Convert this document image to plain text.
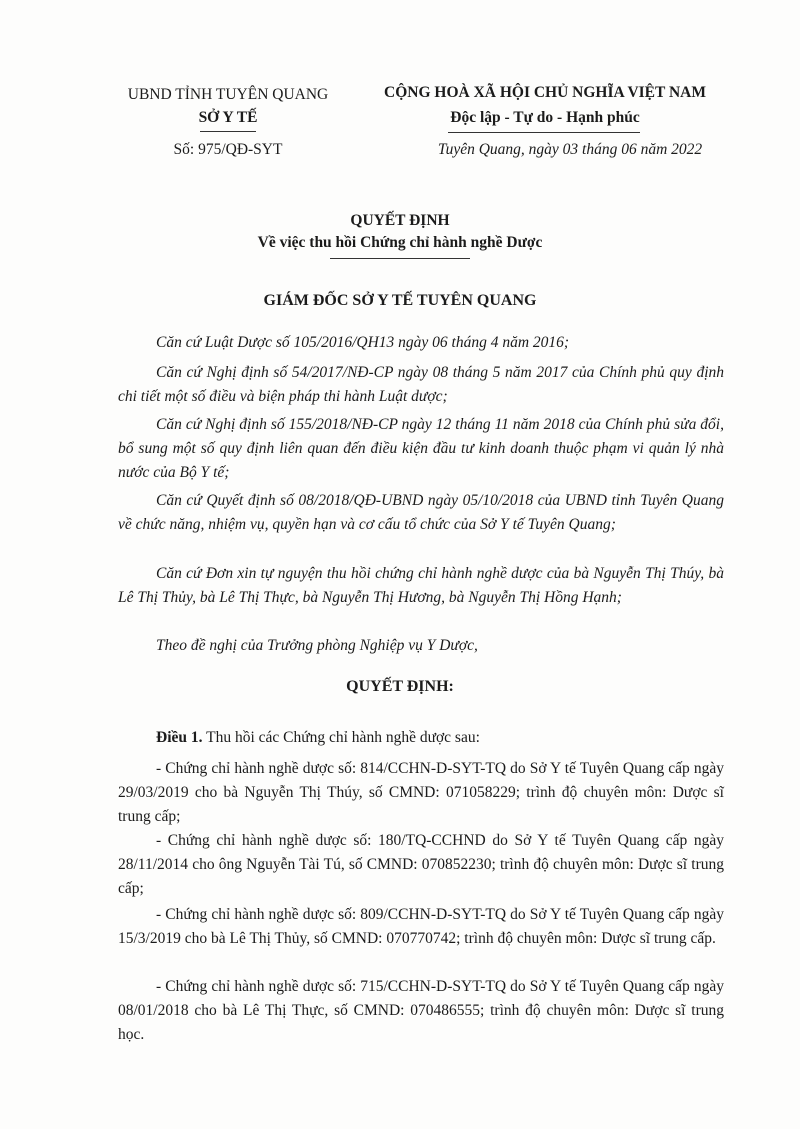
UBND TỈNH TUYÊN QUANG
SỞ Y TẾ
Số: 975/QĐ-SYT
CỘNG HOÀ XÃ HỘI CHỦ NGHĨA VIỆT NAM
Độc lập - Tự do - Hạnh phúc
Tuyên Quang, ngày 03 tháng 06 năm 2022
QUYẾT ĐỊNH
Về việc thu hồi Chứng chỉ hành nghề Dược
GIÁM ĐỐC SỞ Y TẾ TUYÊN QUANG
Căn cứ Luật Dược số 105/2016/QH13 ngày 06 tháng 4 năm 2016;
Căn cứ Nghị định số 54/2017/NĐ-CP ngày 08 tháng 5 năm 2017 của Chính phủ quy định chi tiết một số điều và biện pháp thi hành Luật dược;
Căn cứ Nghị định số 155/2018/NĐ-CP ngày 12 tháng 11 năm 2018 của Chính phủ sửa đổi, bổ sung một số quy định liên quan đến điều kiện đầu tư kinh doanh thuộc phạm vi quản lý nhà nước của Bộ Y tế;
Căn cứ Quyết định số 08/2018/QĐ-UBND ngày 05/10/2018 của UBND tỉnh Tuyên Quang về chức năng, nhiệm vụ, quyền hạn và cơ cấu tổ chức của Sở Y tế Tuyên Quang;
Căn cứ Đơn xin tự nguyện thu hồi chứng chỉ hành nghề dược của bà Nguyễn Thị Thúy, bà Lê Thị Thủy, bà Lê Thị Thực, bà Nguyễn Thị Hương, bà Nguyễn Thị Hồng Hạnh;
Theo đề nghị của Trưởng phòng Nghiệp vụ Y Dược,
QUYẾT ĐỊNH:
Điều 1. Thu hồi các Chứng chỉ hành nghề dược sau:
- Chứng chỉ hành nghề dược số: 814/CCHN-D-SYT-TQ do Sở Y tế Tuyên Quang cấp ngày 29/03/2019 cho bà Nguyễn Thị Thúy, số CMND: 071058229; trình độ chuyên môn: Dược sĩ trung cấp;
- Chứng chỉ hành nghề dược số: 180/TQ-CCHND do Sở Y tế Tuyên Quang cấp ngày 28/11/2014 cho ông Nguyễn Tài Tú, số CMND: 070852230; trình độ chuyên môn: Dược sĩ trung cấp;
- Chứng chỉ hành nghề dược số: 809/CCHN-D-SYT-TQ do Sở Y tế Tuyên Quang cấp ngày 15/3/2019 cho bà Lê Thị Thủy, số CMND: 070770742; trình độ chuyên môn: Dược sĩ trung cấp.
- Chứng chỉ hành nghề dược số: 715/CCHN-D-SYT-TQ do Sở Y tế Tuyên Quang cấp ngày 08/01/2018 cho bà Lê Thị Thực, số CMND: 070486555; trình độ chuyên môn: Dược sĩ trung học.
